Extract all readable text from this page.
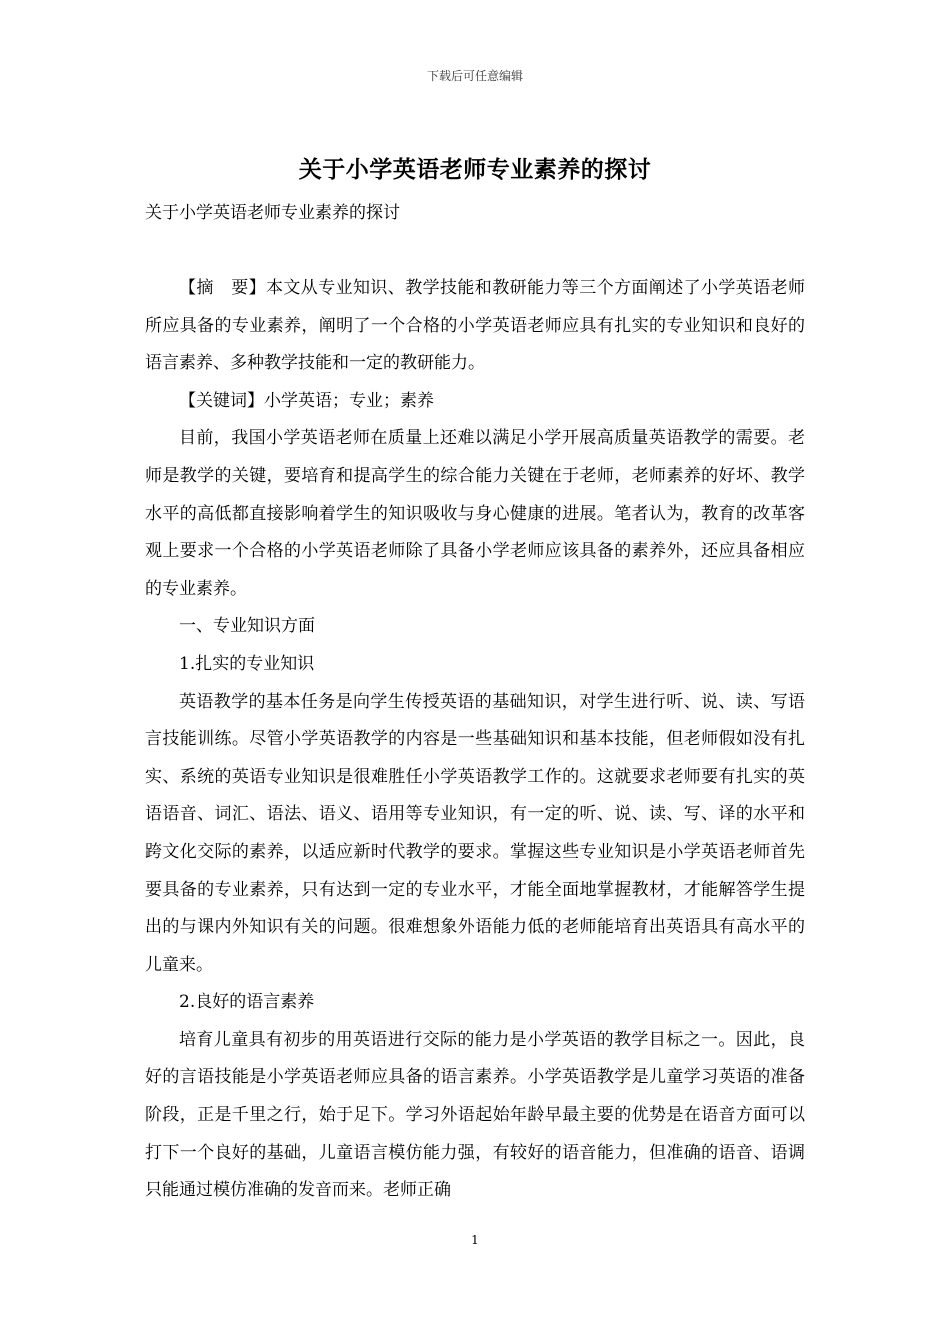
下载后可任意编辑
关于小学英语老师专业素养的探讨
关于小学英语老师专业素养的探讨

【摘　要】本文从专业知识、教学技能和教研能力等三个方面阐述了小学英语老师所应具备的专业素养，阐明了一个合格的小学英语老师应具有扎实的专业知识和良好的语言素养、多种教学技能和一定的教研能力。

【关键词】小学英语；专业；素养

目前，我国小学英语老师在质量上还难以满足小学开展高质量英语教学的需要。老师是教学的关键，要培育和提高学生的综合能力关键在于老师，老师素养的好坏、教学水平的高低都直接影响着学生的知识吸收与身心健康的进展。笔者认为，教育的改革客观上要求一个合格的小学英语老师除了具备小学老师应该具备的素养外，还应具备相应的专业素养。

一、专业知识方面

1.扎实的专业知识

英语教学的基本任务是向学生传授英语的基础知识，对学生进行听、说、读、写语言技能训练。尽管小学英语教学的内容是一些基础知识和基本技能，但老师假如没有扎实、系统的英语专业知识是很难胜任小学英语教学工作的。这就要求老师要有扎实的英语语音、词汇、语法、语义、语用等专业知识，有一定的听、说、读、写、译的水平和跨文化交际的素养，以适应新时代教学的要求。掌握这些专业知识是小学英语老师首先要具备的专业素养，只有达到一定的专业水平，才能全面地掌握教材，才能解答学生提出的与课内外知识有关的问题。很难想象外语能力低的老师能培育出英语具有高水平的儿童来。

2.良好的语言素养

培育儿童具有初步的用英语进行交际的能力是小学英语的教学目标之一。因此，良好的言语技能是小学英语老师应具备的语言素养。小学英语教学是儿童学习英语的准备阶段，正是千里之行，始于足下。学习外语起始年龄早最主要的优势是在语音方面可以打下一个良好的基础，儿童语言模仿能力强，有较好的语音能力，但准确的语音、语调只能通过模仿准确的发音而来。老师正确

1
